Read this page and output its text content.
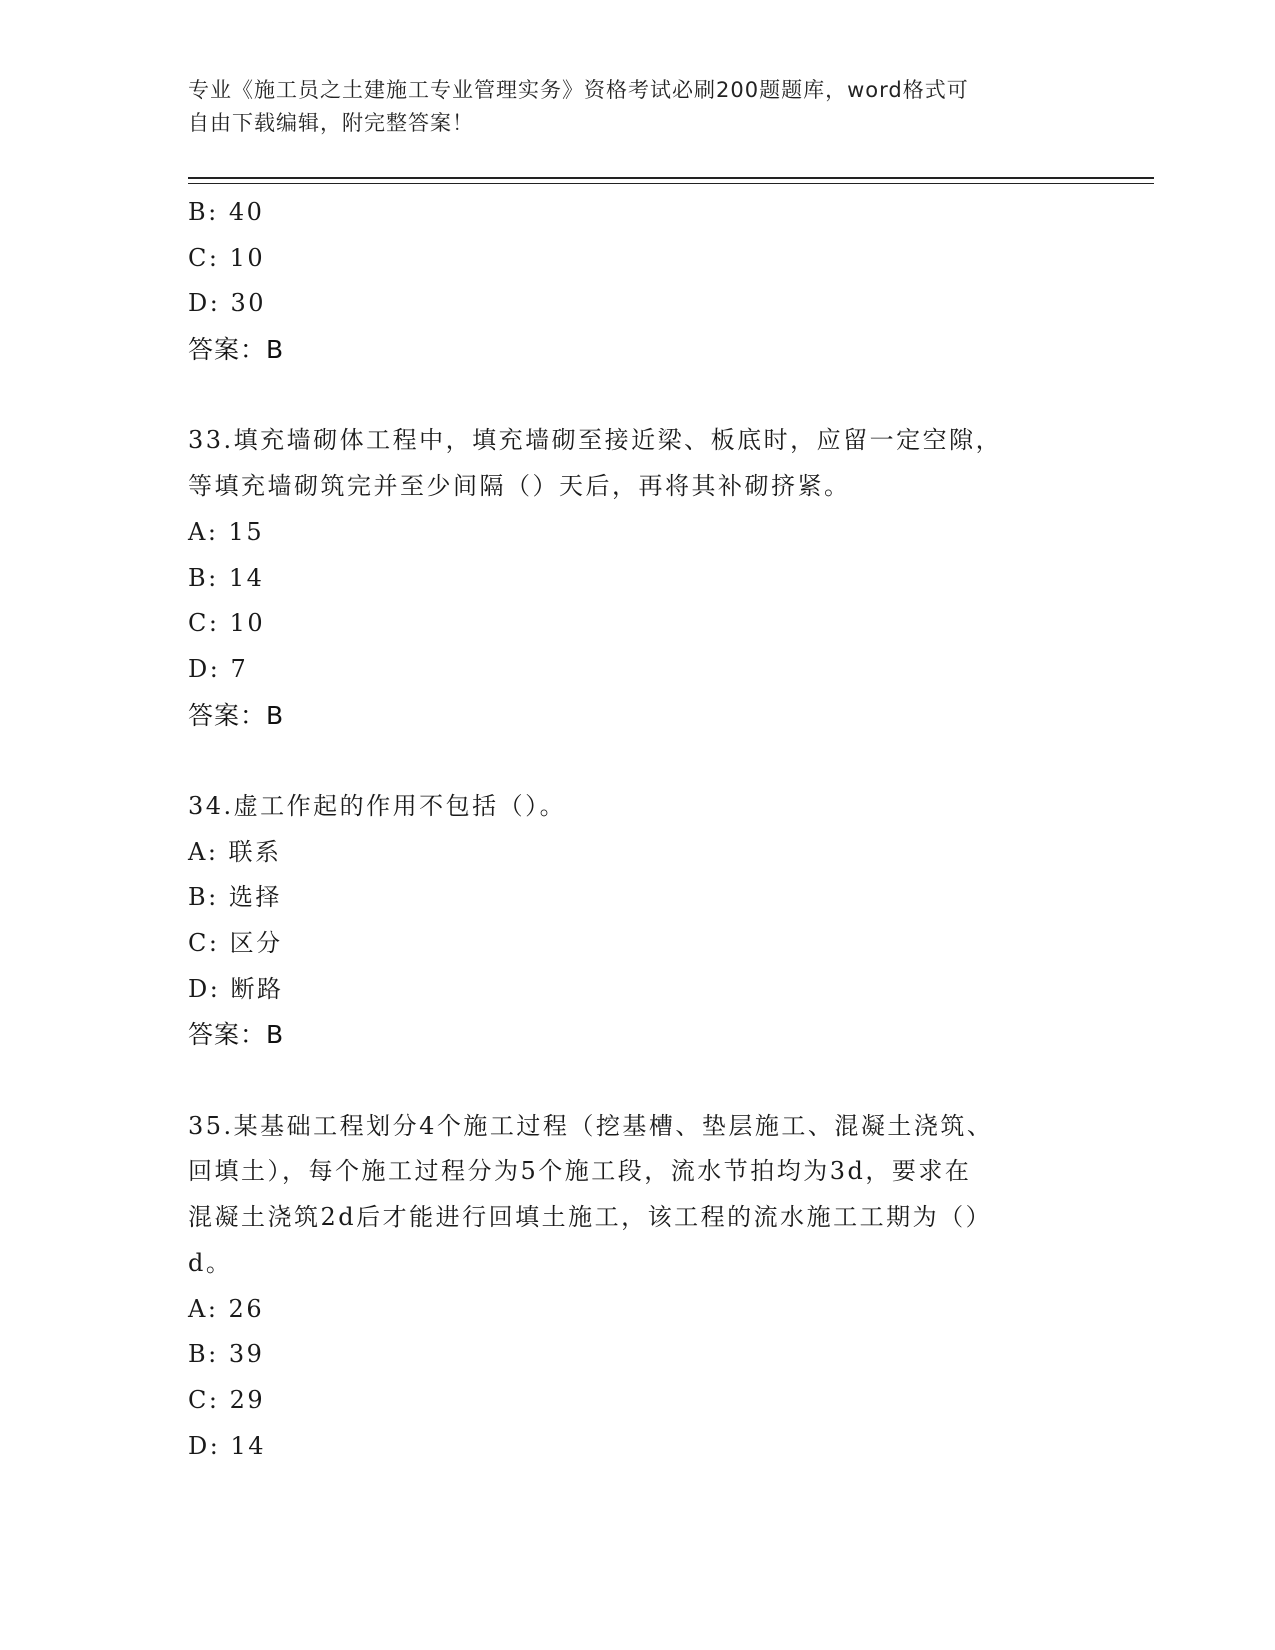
专业《施工员之土建施工专业管理实务》资格考试必刷200题题库，word格式可
自由下载编辑，附完整答案！
B: 40
C: 10
D: 30
答案：B
33.填充墙砌体工程中，填充墙砌至接近梁、板底时，应留一定空隙，
等填充墙砌筑完并至少间隔（）天后，再将其补砌挤紧。
A: 15
B: 14
C: 10
D: 7
答案：B
34.虚工作起的作用不包括（）。
A: 联系
B: 选择
C: 区分
D: 断路
答案：B
35.某基础工程划分4个施工过程（挖基槽、垫层施工、混凝土浇筑、
回填土），每个施工过程分为5个施工段，流水节拍均为3d，要求在
混凝土浇筑2d后才能进行回填土施工，该工程的流水施工工期为（）
d。
A: 26
B: 39
C: 29
D: 14
